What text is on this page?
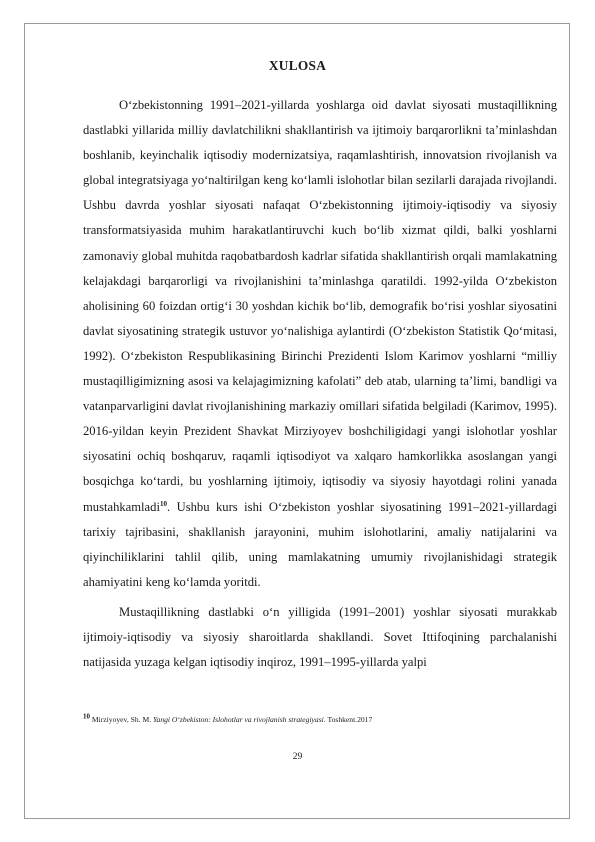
XULOSA

O‘zbekistonning 1991–2021-yillarda yoshlarga oid davlat siyosati mustaqillikning dastlabki yillarida milliy davlatchilikni shakllantirish va ijtimoiy barqarorlikni ta’minlashdan boshlanib, keyinchalik iqtisodiy modernizatsiya, raqamlashtirish, innovatsion rivojlanish va global integratsiyaga yo‘naltirilgan keng ko‘lamli islohotlar bilan sezilarli darajada rivojlandi. Ushbu davrda yoshlar siyosati nafaqat O‘zbekistonning ijtimoiy-iqtisodiy va siyosiy transformatsiyasida muhim harakatlantiruvchi kuch bo‘lib xizmat qildi, balki yoshlarni zamonaviy global muhitda raqobatbardosh kadrlar sifatida shakllantirish orqali mamlakatning kelajakdagi barqarorligi va rivojlanishini ta’minlashga qaratildi. 1992-yilda O‘zbekiston aholisining 60 foizdan ortig‘i 30 yoshdan kichik bo‘lib, demografik bo‘risi yoshlar siyosatini davlat siyosatining strategik ustuvor yo‘nalishiga aylantirdi (O‘zbekiston Statistik Qo‘mitasi, 1992). O‘zbekiston Respublikasining Birinchi Prezidenti Islom Karimov yoshlarni “milliy mustaqilligimizning asosi va kelajagimizning kafolati” deb atab, ularning ta’limi, bandligi va vatanparvarligini davlat rivojlanishining markaziy omillari sifatida belgiladi (Karimov, 1995). 2016-yildan keyin Prezident Shavkat Mirziyoyev boshchiligidagi yangi islohotlar yoshlar siyosatini ochiq boshqaruv, raqamli iqtisodiyot va xalqaro hamkorlikka asoslangan yangi bosqichga ko‘tardi, bu yoshlarning ijtimoiy, iqtisodiy va siyosiy hayotdagi rolini yanada mustahkamladi$^{10}$. Ushbu kurs ishi O‘zbekiston yoshlar siyosatining 1991–2021-yillardagi tarixiy tajribasini, shakllanish jarayonini, muhim islohotlarini, amaliy natijalarini va qiyinchiliklarini tahlil qilib, uning mamlakatning umumiy rivojlanishidagi strategik ahamiyatini keng ko‘lamda yoritdi.

Mustaqillikning dastlabki o‘n yilligida (1991–2001) yoshlar siyosati murakkab ijtimoiy-iqtisodiy va siyosiy sharoitlarda shakllandi. Sovet Ittifoqining parchalanishi natijasida yuzaga kelgan iqtisodiy inqiroz, 1991–1995-yillarda yalpi

$^{10}$ Mirziyoyev, Sh. M. Yangi O‘zbekiston: Islohotlar va rivojlanish strategiyasi. Toshkent.2017
29
